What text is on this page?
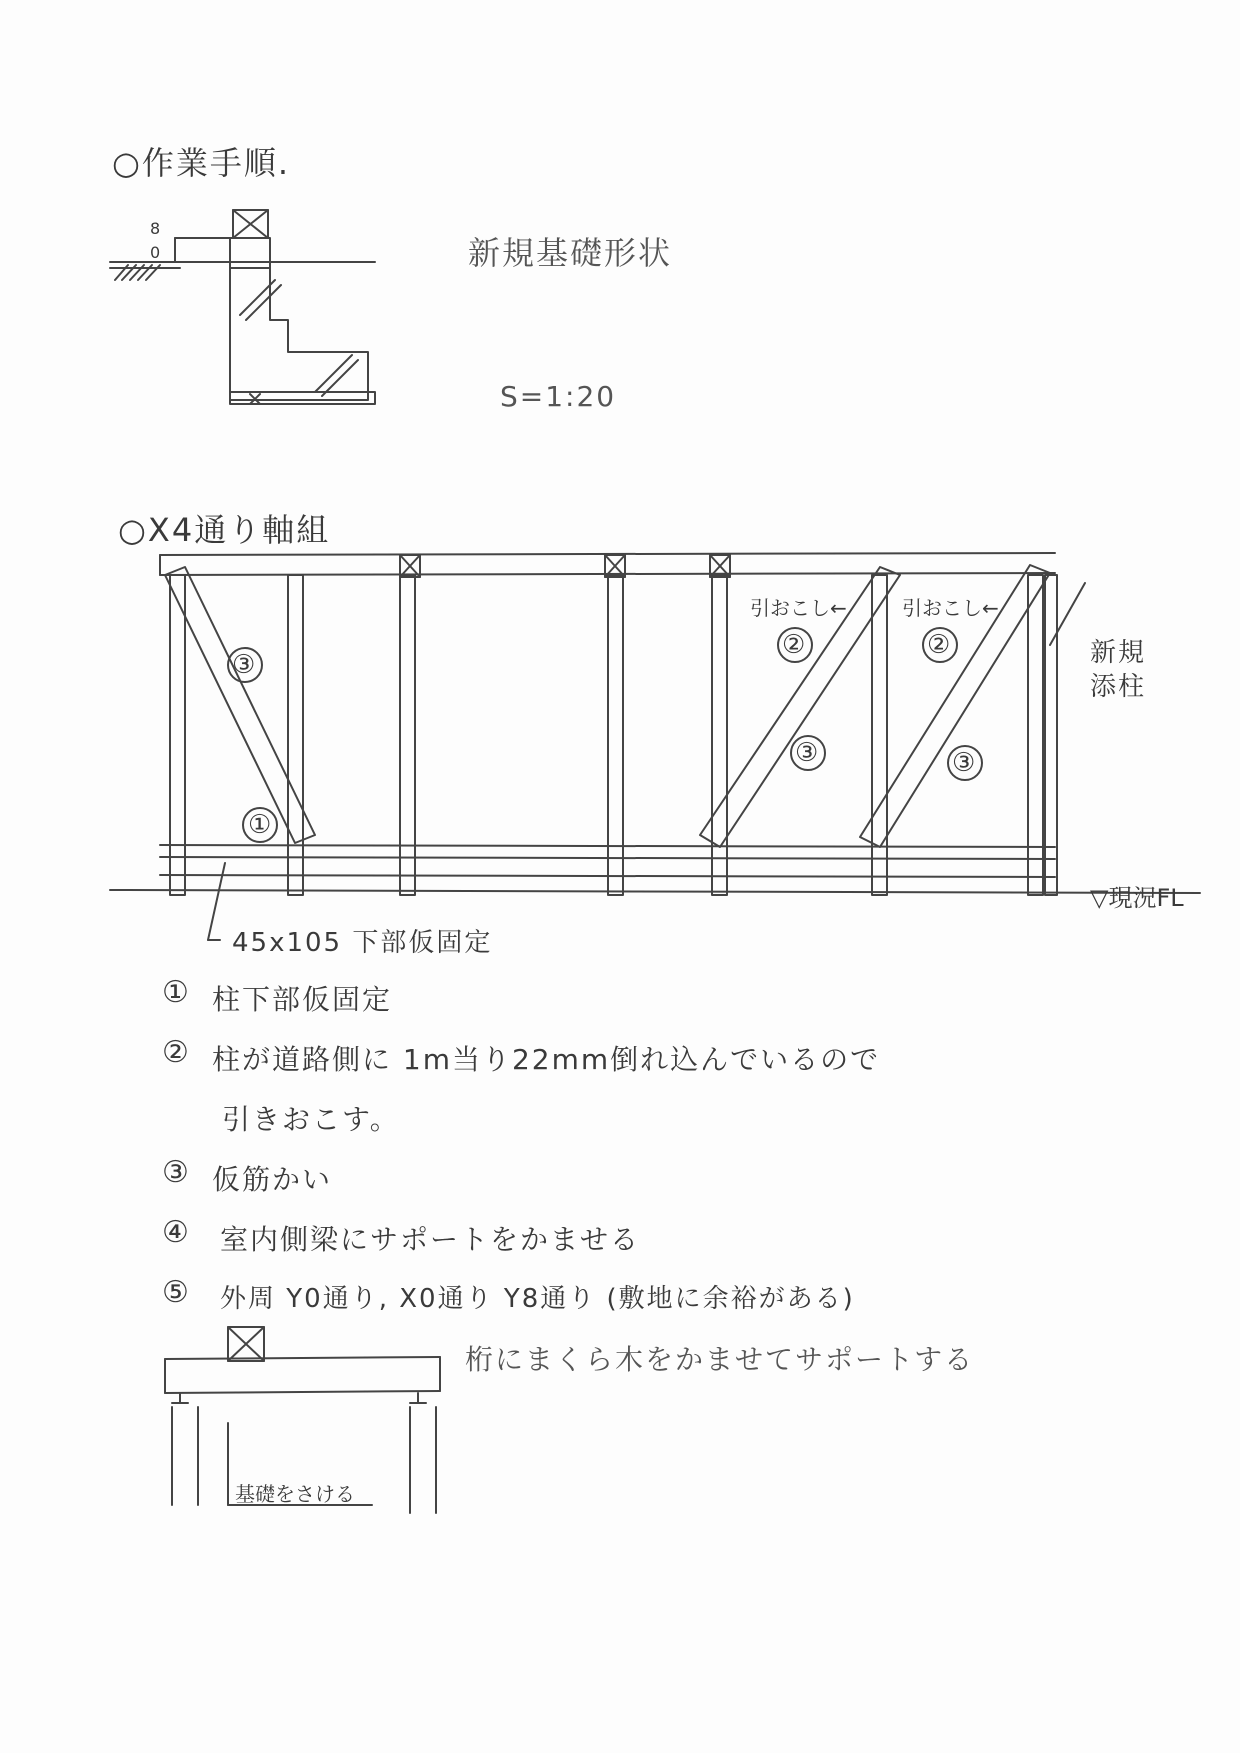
○作業手順.
8
0	新規基礎形状
S=1:20
○X4通り軸組
③
①
②	②
③	③
引おこし←	引おこし←
新規
添柱
▽現況FL
45x105 下部仮固定
① 柱下部仮固定
② 柱が道路側に 1m当り22mm倒れ込んでいるので
引きおこす。
③ 仮筋かい
④ 室内側梁にサポートをかませる
⑤ 外周 Y0通り, X0通り Y8通り (敷地に余裕がある)
桁にまくら木をかませてサポートする
基礎をさける
